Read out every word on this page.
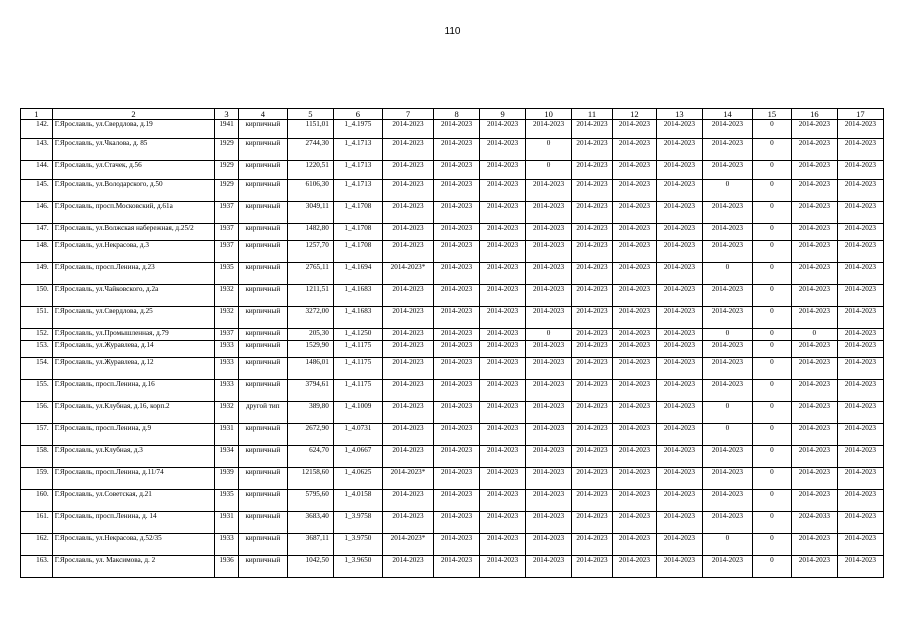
110
1	2	3	4	5	6	7	8	9	10	11	12	13	14	15	16	17
142.	Г.Ярославль, ул.Свердлова, д.19	1941	кирпичный	1151,01	1_4.1975	2014-2023	2014-2023	2014-2023	2014-2023	2014-2023	2014-2023	2014-2023	2014-2023	0	2014-2023	2014-2023
143.	Г.Ярославль, ул.Чкалова, д. 85	1929	кирпичный	2744,30	1_4.1713	2014-2023	2014-2023	2014-2023	0	2014-2023	2014-2023	2014-2023	2014-2023	0	2014-2023	2014-2023
144.	Г.Ярославль, ул.Стачек, д.56	1929	кирпичный	1220,51	1_4.1713	2014-2023	2014-2023	2014-2023	0	2014-2023	2014-2023	2014-2023	2014-2023	0	2014-2023	2014-2023
145.	Г.Ярославль, ул.Володарского, д.50	1929	кирпичный	6106,30	1_4.1713	2014-2023	2014-2023	2014-2023	2014-2023	2014-2023	2014-2023	2014-2023	0	0	2014-2023	2014-2023
146.	Г.Ярославль, просп.Московский, д.61а	1937	кирпичный	3049,11	1_4.1708	2014-2023	2014-2023	2014-2023	2014-2023	2014-2023	2014-2023	2014-2023	2014-2023	0	2014-2023	2014-2023
147.	Г.Ярославль, ул.Волжская набережная, д.25/2	1937	кирпичный	1482,80	1_4.1708	2014-2023	2014-2023	2014-2023	2014-2023	2014-2023	2014-2023	2014-2023	2014-2023	0	2014-2023	2014-2023
148.	Г.Ярославль, ул.Некрасова, д.3	1937	кирпичный	1257,70	1_4.1708	2014-2023	2014-2023	2014-2023	2014-2023	2014-2023	2014-2023	2014-2023	2014-2023	0	2014-2023	2014-2023
149.	Г.Ярославль, просп.Ленина, д.23	1935	кирпичный	2765,11	1_4.1694	2014-2023*	2014-2023	2014-2023	2014-2023	2014-2023	2014-2023	2014-2023	0	0	2014-2023	2014-2023
150.	Г.Ярославль, ул.Чайковского, д.2а	1932	кирпичный	1211,51	1_4.1683	2014-2023	2014-2023	2014-2023	2014-2023	2014-2023	2014-2023	2014-2023	2014-2023	0	2014-2023	2014-2023
151.	Г.Ярославль, ул.Свердлова, д.25	1932	кирпичный	3272,00	1_4.1683	2014-2023	2014-2023	2014-2023	2014-2023	2014-2023	2014-2023	2014-2023	2014-2023	0	2014-2023	2014-2023
152.	Г.Ярославль, ул.Промышленная, д.79	1937	кирпичный	205,30	1_4.1250	2014-2023	2014-2023	2014-2023	0	2014-2023	2014-2023	2014-2023	0	0	0	2014-2023
153.	Г.Ярославль, ул.Журавлева, д.14	1933	кирпичный	1529,90	1_4.1175	2014-2023	2014-2023	2014-2023	2014-2023	2014-2023	2014-2023	2014-2023	2014-2023	0	2014-2023	2014-2023
154.	Г.Ярославль, ул.Журавлева, д.12	1933	кирпичный	1486,01	1_4.1175	2014-2023	2014-2023	2014-2023	2014-2023	2014-2023	2014-2023	2014-2023	2014-2023	0	2014-2023	2014-2023
155.	Г.Ярославль, просп.Ленина, д.16	1933	кирпичный	3794,61	1_4.1175	2014-2023	2014-2023	2014-2023	2014-2023	2014-2023	2014-2023	2014-2023	2014-2023	0	2014-2023	2014-2023
156.	Г.Ярославль, ул.Клубная, д.16, корп.2	1932	другой тип	389,80	1_4.1009	2014-2023	2014-2023	2014-2023	2014-2023	2014-2023	2014-2023	2014-2023	0	0	2014-2023	2014-2023
157.	Г.Ярославль, просп.Ленина, д.9	1931	кирпичный	2672,90	1_4.0731	2014-2023	2014-2023	2014-2023	2014-2023	2014-2023	2014-2023	2014-2023	0	0	2014-2023	2014-2023
158.	Г.Ярославль, ул.Клубная, д.3	1934	кирпичный	624,70	1_4.0667	2014-2023	2014-2023	2014-2023	2014-2023	2014-2023	2014-2023	2014-2023	2014-2023	0	2014-2023	2014-2023
159.	Г.Ярославль, просп.Ленина, д.11/74	1939	кирпичный	12158,60	1_4.0625	2014-2023*	2014-2023	2014-2023	2014-2023	2014-2023	2014-2023	2014-2023	2014-2023	0	2014-2023	2014-2023
160.	Г.Ярославль, ул.Советская, д.21	1935	кирпичный	5795,60	1_4.0158	2014-2023	2014-2023	2014-2023	2014-2023	2014-2023	2014-2023	2014-2023	2014-2023	0	2014-2023	2014-2023
161.	Г.Ярославль, просп.Ленина, д. 14	1931	кирпичный	3683,40	1_3.9758	2014-2023	2014-2023	2014-2023	2014-2023	2014-2023	2014-2023	2014-2023	2014-2023	0	2024-2033	2014-2023
162.	Г.Ярославль, ул.Некрасова, д.52/35	1933	кирпичный	3687,11	1_3.9750	2014-2023*	2014-2023	2014-2023	2014-2023	2014-2023	2014-2023	2014-2023	0	0	2014-2023	2014-2023
163.	Г.Ярославль, ул. Максимова, д. 2	1936	кирпичный	1042,50	1_3.9650	2014-2023	2014-2023	2014-2023	2014-2023	2014-2023	2014-2023	2014-2023	2014-2023	0	2014-2023	2014-2023
